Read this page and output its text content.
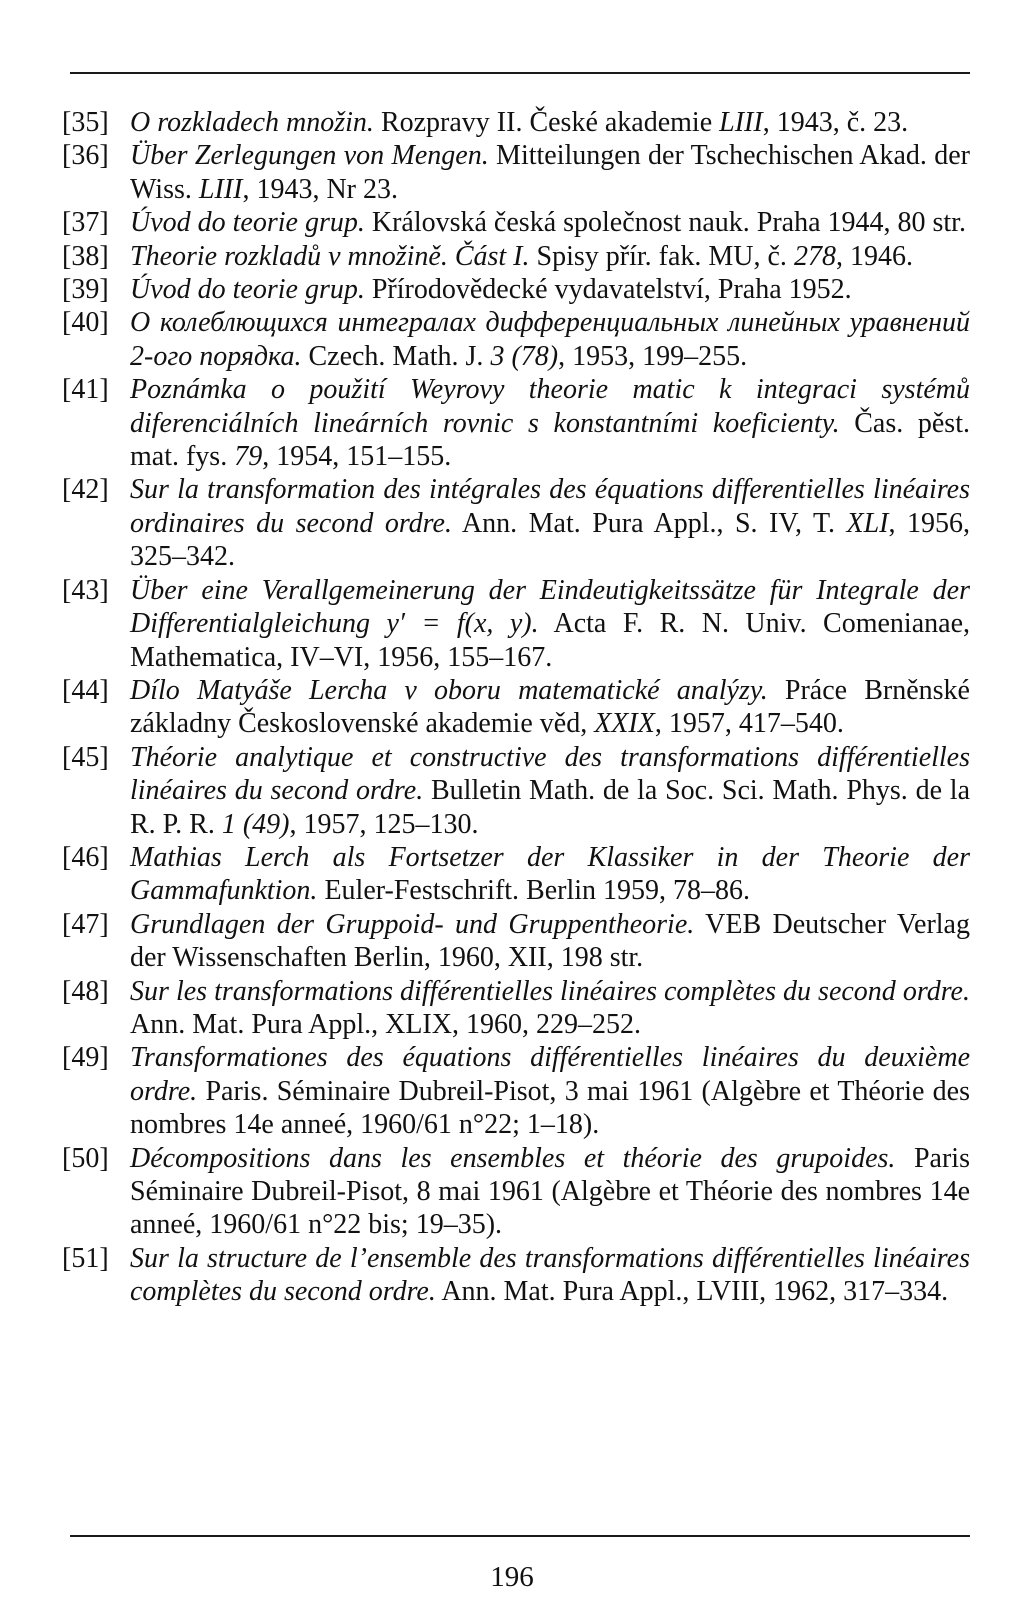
[35] O rozkladech množin. Rozpravy II. České akademie LIII, 1943, č. 23.
[36] Über Zerlegungen von Mengen. Mitteilungen der Tschechischen Akad. der Wiss. LIII, 1943, Nr 23.
[37] Úvod do teorie grup. Královská česká společnost nauk. Praha 1944, 80 str.
[38] Theorie rozkladů v množině. Část I. Spisy přír. fak. MU, č. 278, 1946.
[39] Úvod do teorie grup. Přírodovědecké vydavatelství, Praha 1952.
[40] О колеблющихся интегралах дифференциальных линейных уравнений 2-ого порядка. Czech. Math. J. 3 (78), 1953, 199–255.
[41] Poznámka o použití Weyrovy theorie matic k integraci systémů diferenciálních lineárních rovnic s konstantními koeficienty. Čas. pěst. mat. fys. 79, 1954, 151–155.
[42] Sur la transformation des intégrales des équations differentielles linéaires ordinaires du second ordre. Ann. Mat. Pura Appl., S. IV, T. XLI, 1956, 325–342.
[43] Über eine Verallgemeinerung der Eindeutigkeitssätze für Integrale der Differentialgleichung y′ = f(x, y). Acta F. R. N. Univ. Comenianae, Mathematica, IV–VI, 1956, 155–167.
[44] Dílo Matyáše Lercha v oboru matematické analýzy. Práce Brněnské základny Československé akademie věd, XXIX, 1957, 417–540.
[45] Théorie analytique et constructive des transformations différentielles linéaires du second ordre. Bulletin Math. de la Soc. Sci. Math. Phys. de la R. P. R. 1 (49), 1957, 125–130.
[46] Mathias Lerch als Fortsetzer der Klassiker in der Theorie der Gammafunktion. Euler-Festschrift. Berlin 1959, 78–86.
[47] Grundlagen der Gruppoid- und Gruppentheorie. VEB Deutscher Verlag der Wissenschaften Berlin, 1960, XII, 198 str.
[48] Sur les transformations différentielles linéaires complètes du second ordre. Ann. Mat. Pura Appl., XLIX, 1960, 229–252.
[49] Transformationes des équations différentielles linéaires du deuxième ordre. Paris. Séminaire Dubreil-Pisot, 3 mai 1961 (Algèbre et Théorie des nombres 14e anneé, 1960/61 n°22; 1–18).
[50] Décompositions dans les ensembles et théorie des grupoides. Paris Séminaire Dubreil-Pisot, 8 mai 1961 (Algèbre et Théorie des nombres 14e anneé, 1960/61 n°22 bis; 19–35).
[51] Sur la structure de l’ensemble des transformations différentielles linéaires complètes du second ordre. Ann. Mat. Pura Appl., LVIII, 1962, 317–334.
196
